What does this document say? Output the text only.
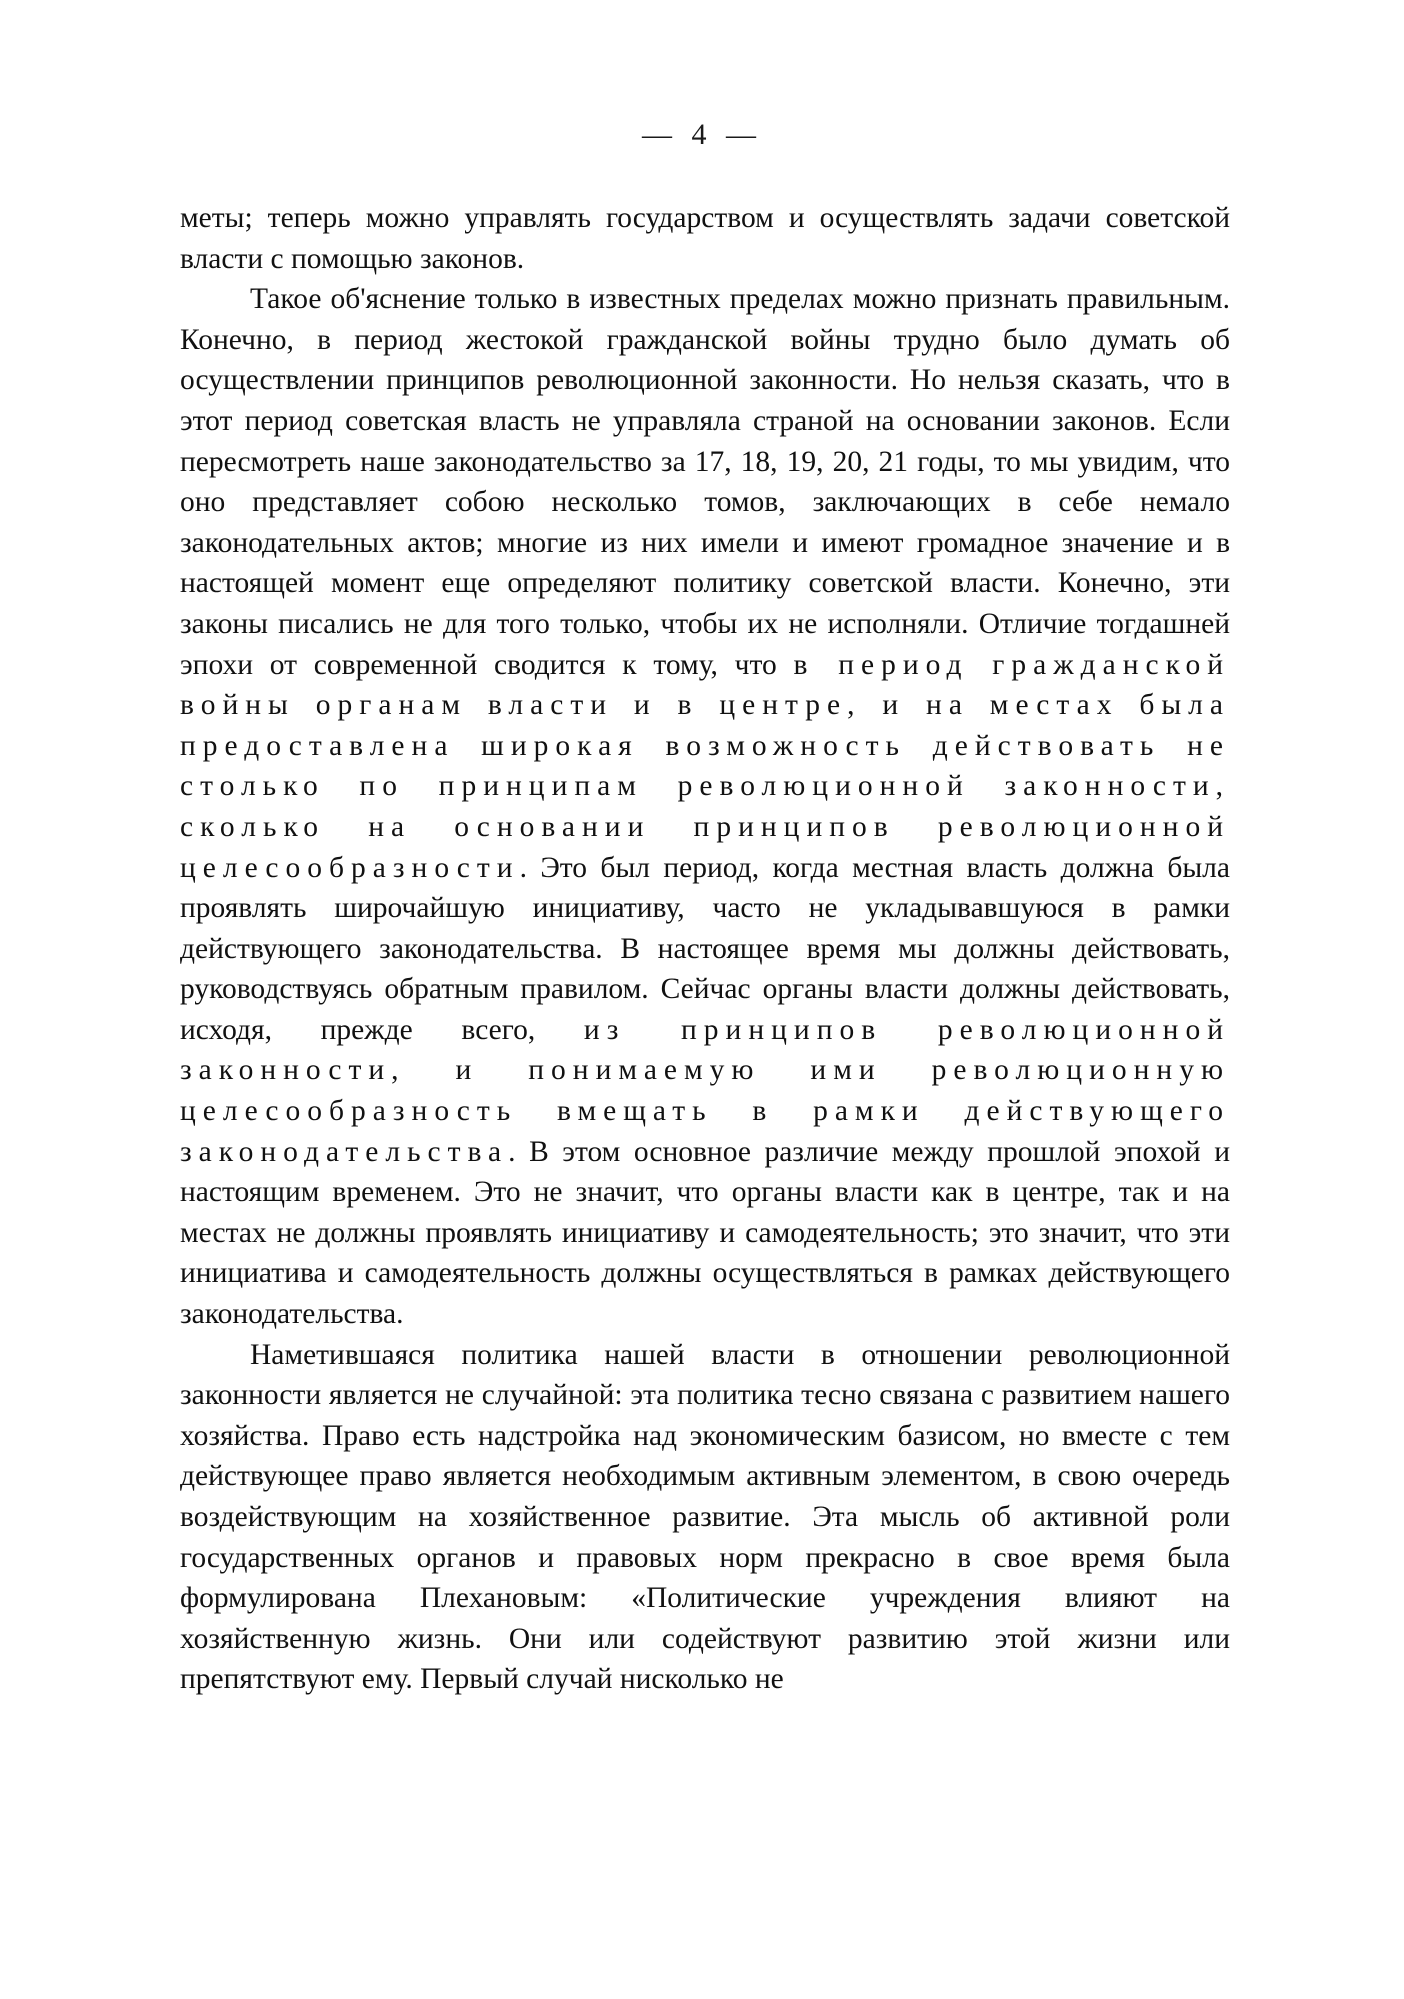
— 4 —

меты; теперь можно управлять государством и осуществлять задачи советской власти с помощью законов.

Такое об'яснение только в известных пределах можно признать правильным. Конечно, в период жестокой гражданской войны трудно было думать об осуществлении принципов революционной законности. Но нельзя сказать, что в этот период советская власть не управляла страной на основании законов. Если пересмотреть наше законодательство за 17, 18, 19, 20, 21 годы, то мы увидим, что оно представляет собою несколько томов, заключающих в себе немало законодательных актов; многие из них имели и имеют громадное значение и в настоящей момент еще определяют политику советской власти. Конечно, эти законы писались не для того только, чтобы их не исполняли. Отличие тогдашней эпохи от современной сводится к тому, что в период гражданской войны органам власти и в центре, и на местах была предоставлена широкая возможность действовать не столько по принципам революционной законности, сколько на основании принципов революционной целесообразности. Это был период, когда местная власть должна была проявлять широчайшую инициативу, часто не укладывавшуюся в рамки действующего законодательства. В настоящее время мы должны действовать, руководствуясь обратным правилом. Сейчас органы власти должны действовать, исходя, прежде всего, из принципов революционной законности, и понимаемую ими революционную целесообразность вмещать в рамки действующего законодательства. В этом основное различие между прошлой эпохой и настоящим временем. Это не значит, что органы власти как в центре, так и на местах не должны проявлять инициативу и самодеятельность; это значит, что эти инициатива и самодеятельность должны осуществляться в рамках действующего законодательства.

Наметившаяся политика нашей власти в отношении революционной законности является не случайной: эта политика тесно связана с развитием нашего хозяйства. Право есть надстройка над экономическим базисом, но вместе с тем действующее право является необходимым активным элементом, в свою очередь воздействующим на хозяйственное развитие. Эта мысль об активной роли государственных органов и правовых норм прекрасно в свое время была формулирована Плехановым: «Политические учреждения влияют на хозяйственную жизнь. Они или содействуют развитию этой жизни или препятствуют ему. Первый случай нисколько не
